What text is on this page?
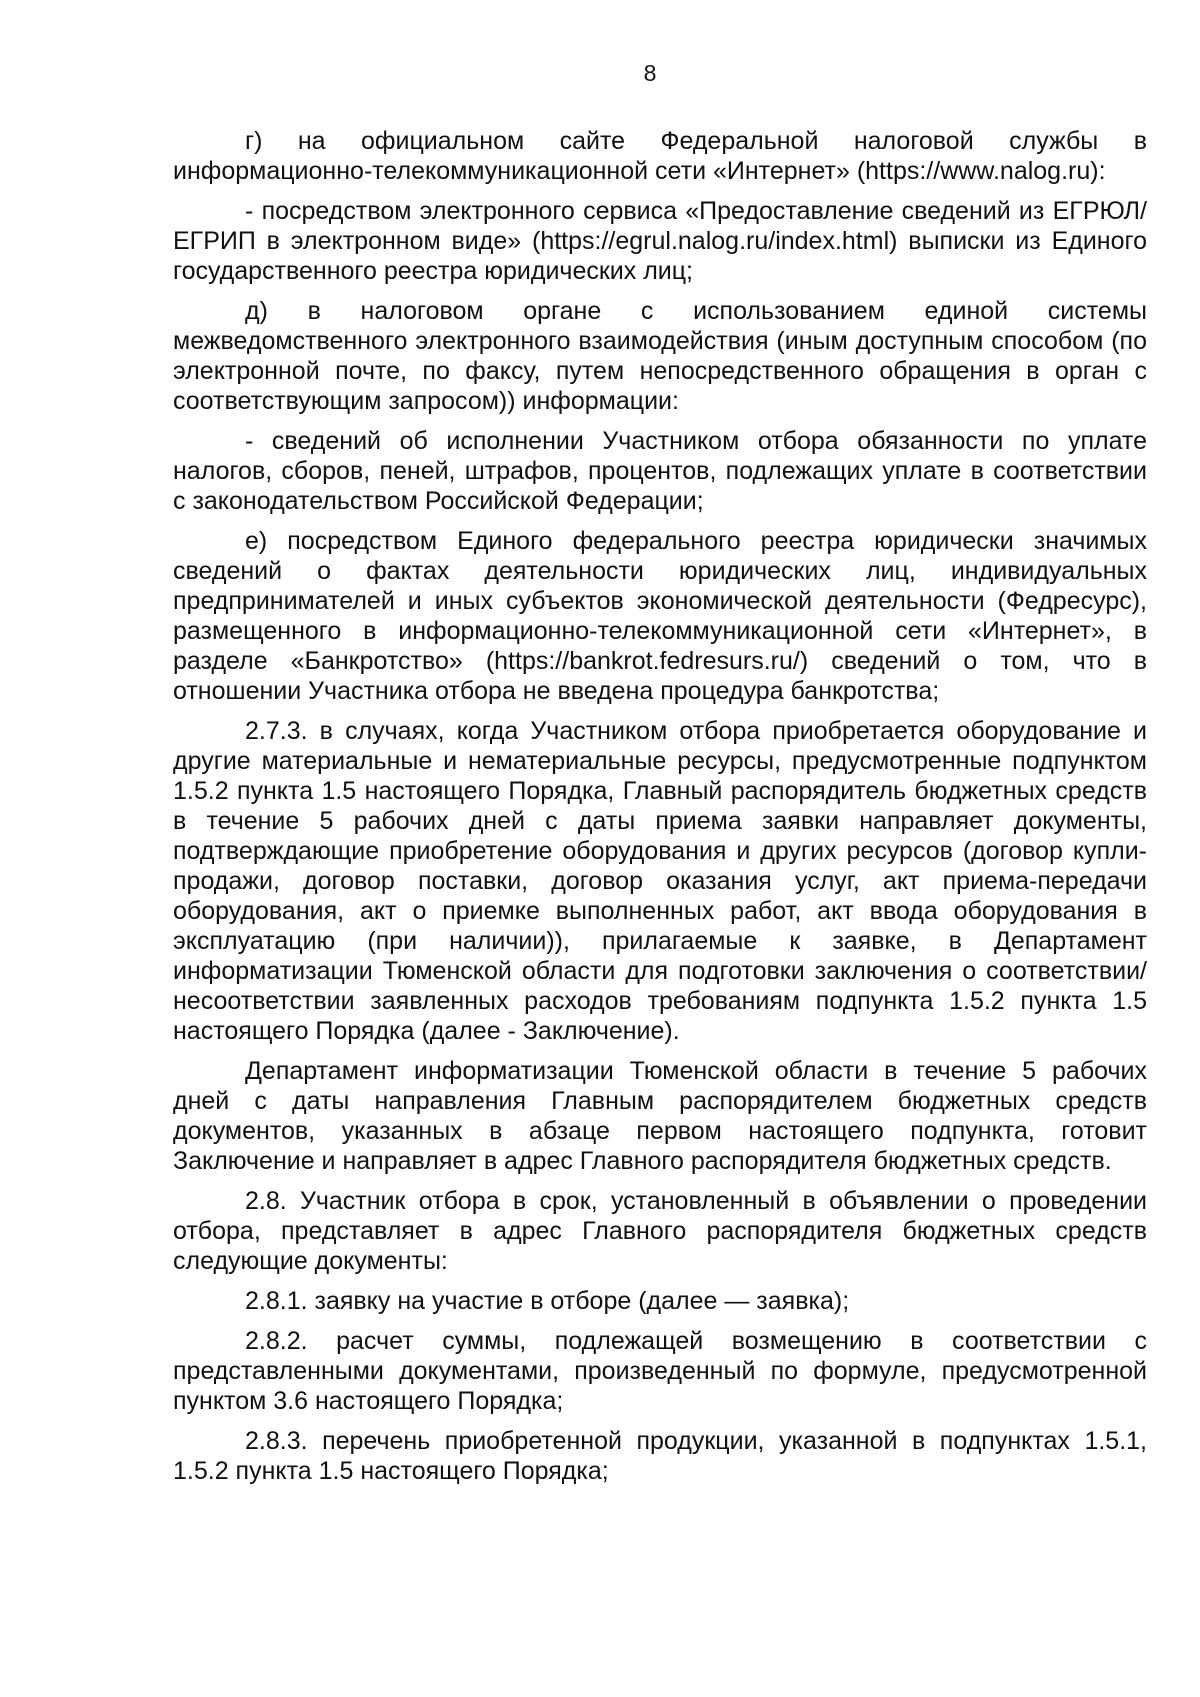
8

г) на официальном сайте Федеральной налоговой службы в информационно-телекоммуникационной сети «Интернет» (https://www.nalog.ru):

- посредством электронного сервиса «Предоставление сведений из ЕГРЮЛ/ЕГРИП в электронном виде» (https://egrul.nalog.ru/index.html) выписки из Единого государственного реестра юридических лиц;

д) в налоговом органе с использованием единой системы межведомственного электронного взаимодействия (иным доступным способом (по электронной почте, по факсу, путем непосредственного обращения в орган с соответствующим запросом)) информации:

- сведений об исполнении Участником отбора обязанности по уплате налогов, сборов, пеней, штрафов, процентов, подлежащих уплате в соответствии с законодательством Российской Федерации;

е) посредством Единого федерального реестра юридически значимых сведений о фактах деятельности юридических лиц, индивидуальных предпринимателей и иных субъектов экономической деятельности (Федресурс), размещенного в информационно-телекоммуникационной сети «Интернет», в разделе «Банкротство» (https://bankrot.fedresurs.ru/) сведений о том, что в отношении Участника отбора не введена процедура банкротства;

2.7.3. в случаях, когда Участником отбора приобретается оборудование и другие материальные и нематериальные ресурсы, предусмотренные подпунктом 1.5.2 пункта 1.5 настоящего Порядка, Главный распорядитель бюджетных средств в течение 5 рабочих дней с даты приема заявки направляет документы, подтверждающие приобретение оборудования и других ресурсов (договор купли-продажи, договор поставки, договор оказания услуг, акт приема-передачи оборудования, акт о приемке выполненных работ, акт ввода оборудования в эксплуатацию (при наличии)), прилагаемые к заявке, в Департамент информатизации Тюменской области для подготовки заключения о соответствии/несоответствии заявленных расходов требованиям подпункта 1.5.2 пункта 1.5 настоящего Порядка (далее - Заключение).

Департамент информатизации Тюменской области в течение 5 рабочих дней с даты направления Главным распорядителем бюджетных средств документов, указанных в абзаце первом настоящего подпункта, готовит Заключение и направляет в адрес Главного распорядителя бюджетных средств.

2.8. Участник отбора в срок, установленный в объявлении о проведении отбора, представляет в адрес Главного распорядителя бюджетных средств следующие документы:

2.8.1. заявку на участие в отборе (далее — заявка);

2.8.2. расчет суммы, подлежащей возмещению в соответствии с представленными документами, произведенный по формуле, предусмотренной пунктом 3.6 настоящего Порядка;

2.8.3. перечень приобретенной продукции, указанной в подпунктах 1.5.1, 1.5.2 пункта 1.5 настоящего Порядка;
